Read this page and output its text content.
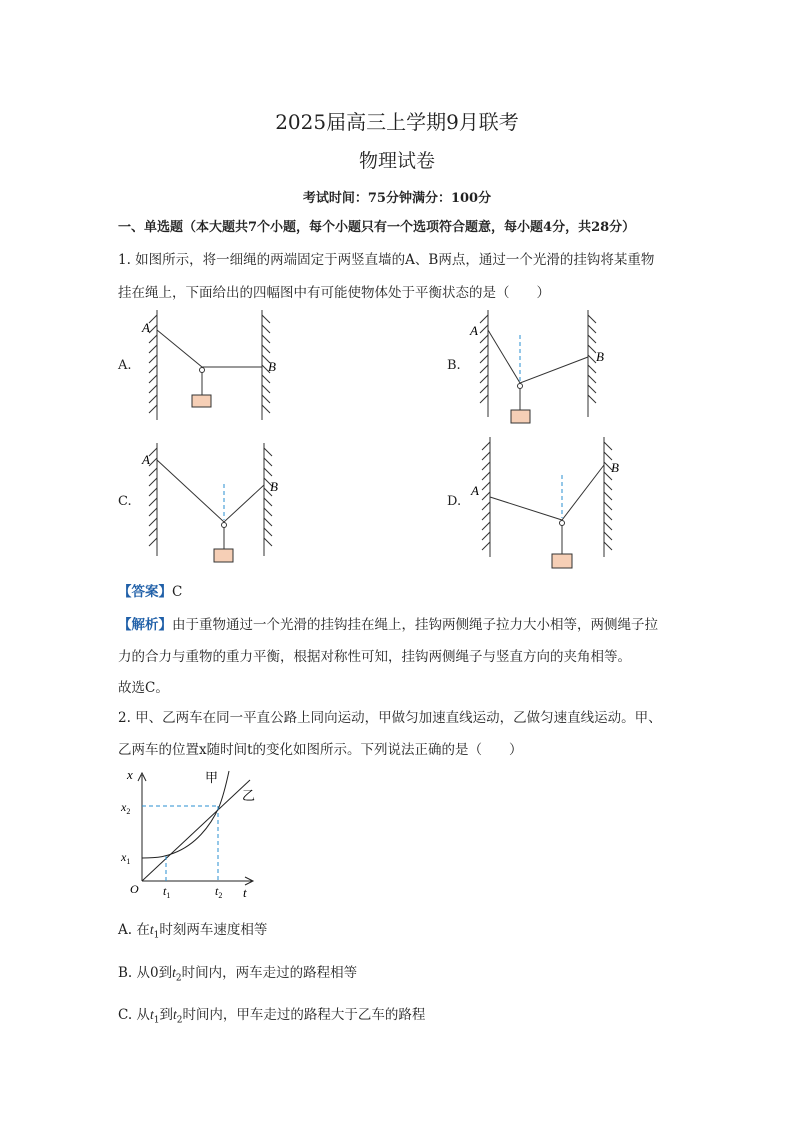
2025届高三上学期9月联考
物理试卷
考试时间：75分钟满分：100分
一、单选题（本大题共7个小题，每个小题只有一个选项符合题意，每小题4分，共28分）
1. 如图所示，将一细绳的两端固定于两竖直墙的A、B两点，通过一个光滑的挂钩将某重物
挂在绳上，下面给出的四幅图中有可能使物体处于平衡状态的是（　　）
A.
A
B	B.
A
B
C.
A
B
D.
A
B
【答案】C
【解析】由于重物通过一个光滑的挂钩挂在绳上，挂钩两侧绳子拉力大小相等，两侧绳子拉
力的合力与重物的重力平衡，根据对称性可知，挂钩两侧绳子与竖直方向的夹角相等。
故选C。
2. 甲、乙两车在同一平直公路上同向运动，甲做匀加速直线运动，乙做匀速直线运动。甲、
乙两车的位置x随时间t的变化如图所示。下列说法正确的是（　　）
x
t
O
$x_1$
$x_2$
$t_1$	$t_2$
甲
乙
A. 在$t_1$时刻两车速度相等
B. 从0到$t_2$时间内，两车走过的路程相等
C. 从$t_1$到$t_2$时间内，甲车走过的路程大于乙车的路程
